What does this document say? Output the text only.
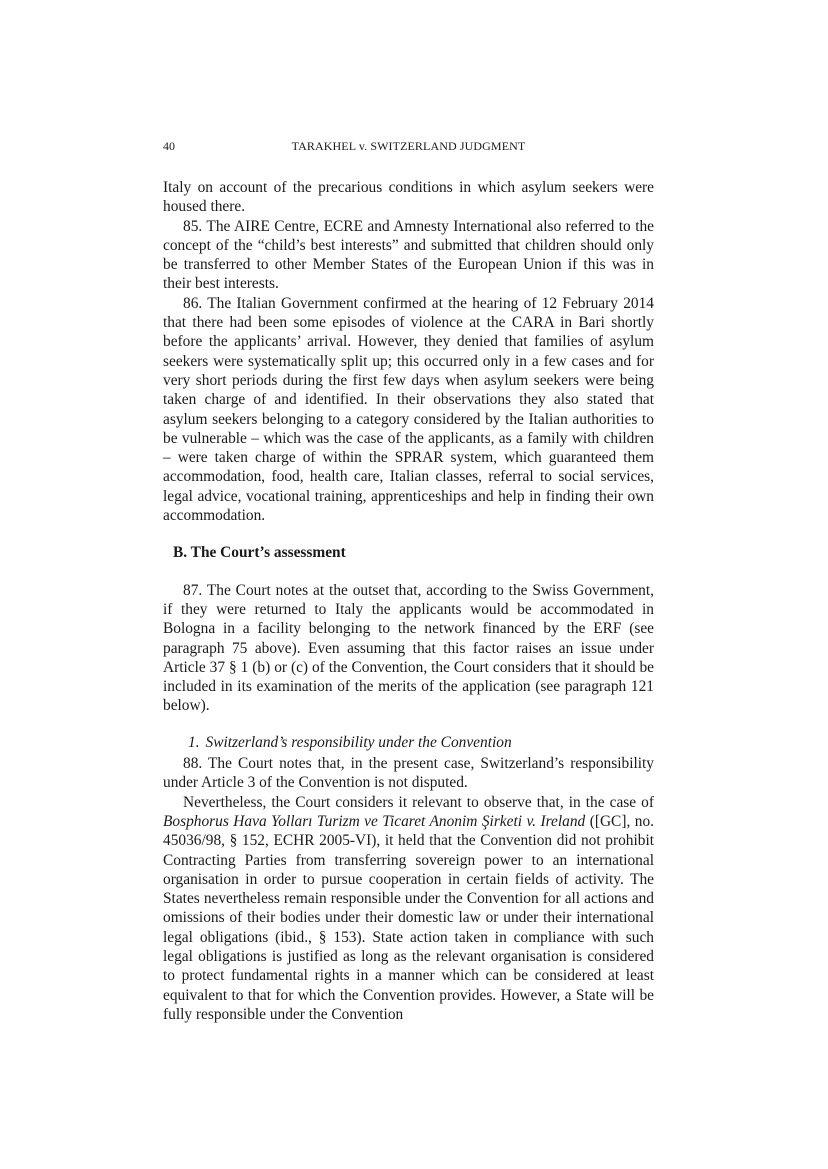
40	TARAKHEL v. SWITZERLAND JUDGMENT

Italy on account of the precarious conditions in which asylum seekers were housed there.

85. The AIRE Centre, ECRE and Amnesty International also referred to the concept of the “child’s best interests” and submitted that children should only be transferred to other Member States of the European Union if this was in their best interests.

86. The Italian Government confirmed at the hearing of 12 February 2014 that there had been some episodes of violence at the CARA in Bari shortly before the applicants’ arrival. However, they denied that families of asylum seekers were systematically split up; this occurred only in a few cases and for very short periods during the first few days when asylum seekers were being taken charge of and identified. In their observations they also stated that asylum seekers belonging to a category considered by the Italian authorities to be vulnerable – which was the case of the applicants, as a family with children – were taken charge of within the SPRAR system, which guaranteed them accommodation, food, health care, Italian classes, referral to social services, legal advice, vocational training, apprenticeships and help in finding their own accommodation.

B. The Court’s assessment

87. The Court notes at the outset that, according to the Swiss Government, if they were returned to Italy the applicants would be accommodated in Bologna in a facility belonging to the network financed by the ERF (see paragraph 75 above). Even assuming that this factor raises an issue under Article 37 § 1 (b) or (c) of the Convention, the Court considers that it should be included in its examination of the merits of the application (see paragraph 121 below).

1. Switzerland’s responsibility under the Convention

88. The Court notes that, in the present case, Switzerland’s responsibility under Article 3 of the Convention is not disputed.

Nevertheless, the Court considers it relevant to observe that, in the case of Bosphorus Hava Yolları Turizm ve Ticaret Anonim Şirketi v. Ireland ([GC], no. 45036/98, § 152, ECHR 2005-VI), it held that the Convention did not prohibit Contracting Parties from transferring sovereign power to an international organisation in order to pursue cooperation in certain fields of activity. The States nevertheless remain responsible under the Convention for all actions and omissions of their bodies under their domestic law or under their international legal obligations (ibid., § 153). State action taken in compliance with such legal obligations is justified as long as the relevant organisation is considered to protect fundamental rights in a manner which can be considered at least equivalent to that for which the Convention provides. However, a State will be fully responsible under the Convention
